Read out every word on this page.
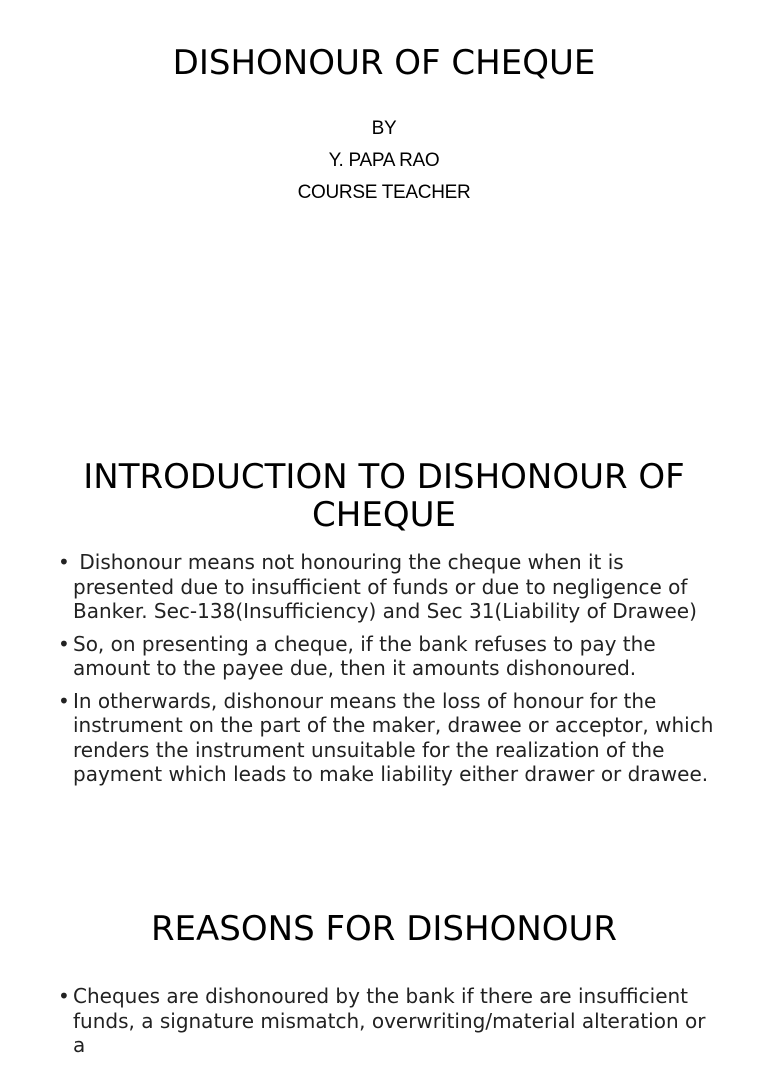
DISHONOUR OF CHEQUE
BY
Y. PAPA RAO
COURSE TEACHER
INTRODUCTION TO DISHONOUR OF
CHEQUE
• Dishonour means not honouring the cheque when it is presented due to insufficient of funds or due to negligence of Banker. Sec-138(Insufficiency) and Sec 31(Liability of Drawee)
• So, on presenting a cheque, if the bank refuses to pay the amount to the payee due, then it amounts dishonoured.
• In otherwards, dishonour means the loss of honour for the instrument on the part of the maker, drawee or acceptor, which renders the instrument unsuitable for the realization of the payment which leads to make liability either drawer or drawee.
REASONS FOR DISHONOUR
• Cheques are dishonoured by the bank if there are insufficient funds, a signature mismatch, overwriting/material alteration or a
